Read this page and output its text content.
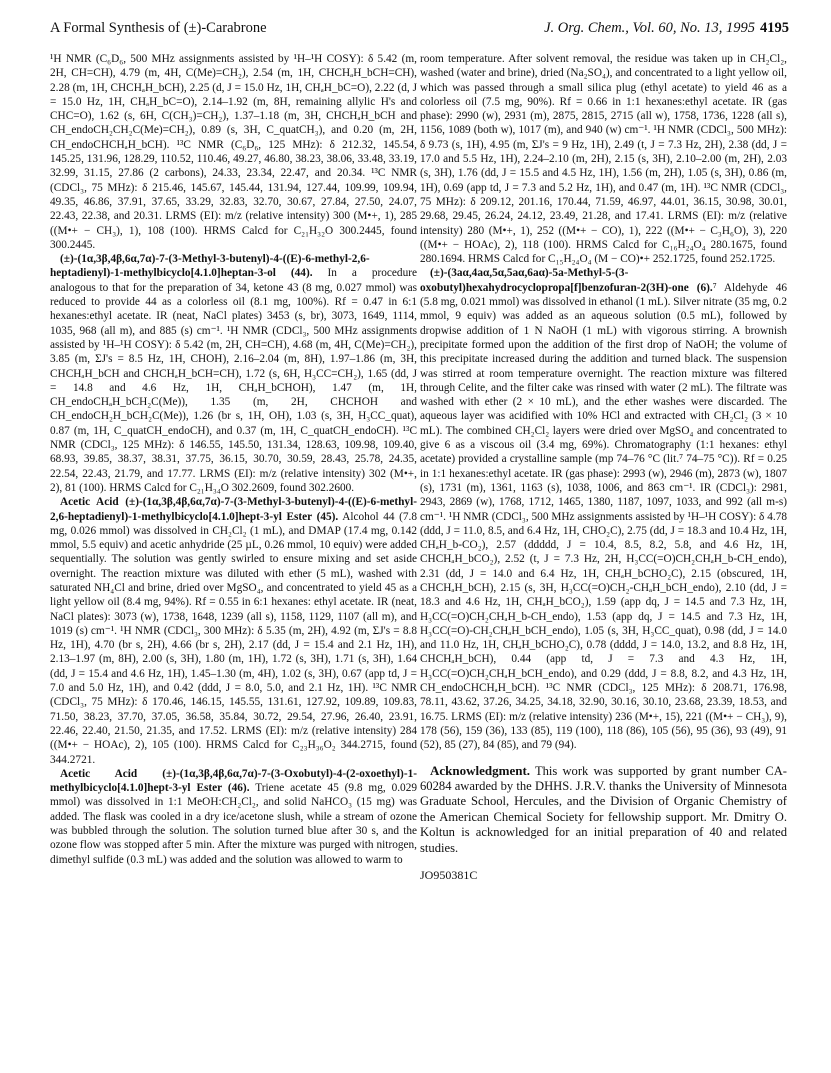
A Formal Synthesis of (±)-Carabrone	J. Org. Chem., Vol. 60, No. 13, 1995 4195

¹H NMR (C₆D₆, 500 MHz assignments assisted by ¹H–¹H COSY): δ 5.42 (m, 2H, CH=CH), 4.79 (m, 4H, C(Me)=CH₂), 2.54 (m, 1H, CHCHₐH_bCH=CH), 2.28 (m, 1H, CHCHₐH_bCH), 2.25 (d, J = 15.0 Hz, 1H, CHₐH_bC=O), 2.22 (d, J = 15.0 Hz, 1H, CHₐH_bC=O), 2.14–1.92 (m, 8H, remaining allylic H's and CHC=O), 1.62 (s, 6H, C(CH₃)=CH₂), 1.37–1.18 (m, 3H, CHCHₐH_bCH and CH_endoCH₂CH₂C(Me)=CH₂), 0.89 (s, 3H, C_quatCH₃), and 0.20 (m, 2H, CH_endoCHCHₐH_bCH). ¹³C NMR (C₆D₆, 125 MHz): δ 212.32, 145.54, 145.25, 131.96, 128.29, 110.52, 110.46, 49.27, 46.80, 38.23, 38.06, 33.48, 33.19, 32.99, 31.15, 27.86 (2 carbons), 24.33, 23.34, 22.47, and 20.34. ¹³C NMR (CDCl₃, 75 MHz): δ 215.46, 145.67, 145.44, 131.94, 127.44, 109.99, 109.94, 49.35, 46.86, 37.91, 37.65, 33.29, 32.83, 32.70, 30.67, 27.84, 27.50, 24.07, 22.43, 22.38, and 20.31. LRMS (EI): m/z (relative intensity) 300 (M•+, 1), 285 ((M•+ − CH₃), 1), 108 (100). HRMS Calcd for C₂₁H₃₂O 300.2445, found 300.2445.

(±)-(1α,3β,4β,6α,7α)-7-(3-Methyl-3-butenyl)-4-((E)-6-methyl-2,6-heptadienyl)-1-methylbicyclo[4.1.0]heptan-3-ol (44). In a procedure analogous to that for the preparation of 34, ketone 43 (8 mg, 0.027 mmol) was reduced to provide 44 as a colorless oil (8.1 mg, 100%). Rf = 0.47 in 6:1 hexanes:ethyl acetate. IR (neat, NaCl plates) 3453 (s, br), 3073, 1649, 1114, 1035, 968 (all m), and 885 (s) cm⁻¹. ¹H NMR (CDCl₃, 500 MHz assignments assisted by ¹H–¹H COSY): δ 5.42 (m, 2H, CH=CH), 4.68 (m, 4H, C(Me)=CH₂), 3.85 (m, ΣJ's = 8.5 Hz, 1H, CHOH), 2.16–2.04 (m, 8H), 1.97–1.86 (m, 3H, CHCHₐH_bCH and CHCHₐH_bCH=CH), 1.72 (s, 6H, H₃CC=CH₂), 1.65 (dd, J = 14.8 and 4.6 Hz, 1H, CHₐH_bCHOH), 1.47 (m, 1H, CH_endoCHₐH_bCH₂C(Me)), 1.35 (m, 2H, CHCHOH and CH_endoCH₂H_bCH₂C(Me)), 1.26 (br s, 1H, OH), 1.03 (s, 3H, H₃CC_quat), 0.87 (m, 1H, C_quatCH_endoCH), and 0.37 (m, 1H, C_quatCH_endoCH). ¹³C NMR (CDCl₃, 125 MHz): δ 146.55, 145.50, 131.34, 128.63, 109.98, 109.40, 68.93, 39.85, 38.37, 38.31, 37.75, 36.15, 30.70, 30.59, 28.43, 25.78, 24.35, 22.54, 22.43, 21.79, and 17.77. LRMS (EI): m/z (relative intensity) 302 (M•+, 2), 81 (100). HRMS Calcd for C₂₁H₃₄O 302.2609, found 302.2600.

Acetic Acid (±)-(1α,3β,4β,6α,7α)-7-(3-Methyl-3-butenyl)-4-((E)-6-methyl-2,6-heptadienyl)-1-methylbicyclo[4.1.0]hept-3-yl Ester (45). Alcohol 44 (7.8 mg, 0.026 mmol) was dissolved in CH₂Cl₂ (1 mL), and DMAP (17.4 mg, 0.142 mmol, 5.5 equiv) and acetic anhydride (25 µL, 0.26 mmol, 10 equiv) were added sequentially. The solution was gently swirled to ensure mixing and set aside overnight. The reaction mixture was diluted with ether (5 mL), washed with saturated NH₄Cl and brine, dried over MgSO₄, and concentrated to yield 45 as a light yellow oil (8.4 mg, 94%). Rf = 0.55 in 6:1 hexanes: ethyl acetate. IR (neat, NaCl plates): 3073 (w), 1738, 1648, 1239 (all s), 1158, 1129, 1107 (all m), and 1019 (s) cm⁻¹. ¹H NMR (CDCl₃, 300 MHz): δ 5.35 (m, 2H), 4.92 (m, ΣJ's = 8.8 Hz, 1H), 4.70 (br s, 2H), 4.66 (br s, 2H), 2.17 (dd, J = 15.4 and 2.1 Hz, 1H), 2.13–1.97 (m, 8H), 2.00 (s, 3H), 1.80 (m, 1H), 1.72 (s, 3H), 1.71 (s, 3H), 1.64 (dd, J = 15.4 and 4.6 Hz, 1H), 1.45–1.30 (m, 4H), 1.02 (s, 3H), 0.67 (app td, J = 7.0 and 5.0 Hz, 1H), and 0.42 (ddd, J = 8.0, 5.0, and 2.1 Hz, 1H). ¹³C NMR (CDCl₃, 75 MHz): δ 170.46, 146.15, 145.55, 131.61, 127.92, 109.89, 109.83, 71.50, 38.23, 37.70, 37.05, 36.58, 35.84, 30.72, 29.54, 27.96, 26.40, 23.91, 22.46, 22.40, 21.50, 21.35, and 17.52. LRMS (EI): m/z (relative intensity) 284 ((M•+ − HOAc), 2), 105 (100). HRMS Calcd for C₂₃H₃₆O₂ 344.2715, found 344.2721.

Acetic Acid (±)-(1α,3β,4β,6α,7α)-7-(3-Oxobutyl)-4-(2-oxoethyl)-1-methylbicyclo[4.1.0]hept-3-yl Ester (46). Triene acetate 45 (9.8 mg, 0.029 mmol) was dissolved in 1:1 MeOH:CH₂Cl₂, and solid NaHCO₃ (15 mg) was added. The flask was cooled in a dry ice/acetone slush, while a stream of ozone was bubbled through the solution. The solution turned blue after 30 s, and the ozone flow was stopped after 5 min. After the mixture was purged with nitrogen, dimethyl sulfide (0.3 mL) was added and the solution was allowed to warm to

room temperature. After solvent removal, the residue was taken up in CH₂Cl₂, washed (water and brine), dried (Na₂SO₄), and concentrated to a light yellow oil, which was passed through a small silica plug (ethyl acetate) to yield 46 as a colorless oil (7.5 mg, 90%). Rf = 0.66 in 1:1 hexanes:ethyl acetate. IR (gas phase): 2990 (w), 2931 (m), 2875, 2815, 2715 (all w), 1758, 1736, 1228 (all s), 1156, 1089 (both w), 1017 (m), and 940 (w) cm⁻¹. ¹H NMR (CDCl₃, 500 MHz): δ 9.73 (s, 1H), 4.95 (m, ΣJ's = 9 Hz, 1H), 2.49 (t, J = 7.3 Hz, 2H), 2.38 (dd, J = 17.0 and 5.5 Hz, 1H), 2.24–2.10 (m, 2H), 2.15 (s, 3H), 2.10–2.00 (m, 2H), 2.03 (s, 3H), 1.76 (dd, J = 15.5 and 4.5 Hz, 1H), 1.56 (m, 2H), 1.05 (s, 3H), 0.86 (m, 1H), 0.69 (app td, J = 7.3 and 5.2 Hz, 1H), and 0.47 (m, 1H). ¹³C NMR (CDCl₃, 75 MHz): δ 209.12, 201.16, 170.44, 71.59, 46.97, 44.01, 36.15, 30.98, 30.01, 29.68, 29.45, 26.24, 24.12, 23.49, 21.28, and 17.41. LRMS (EI): m/z (relative intensity) 280 (M•+, 1), 252 ((M•+ − CO), 1), 222 ((M•+ − C₃H₆O), 3), 220 ((M•+ − HOAc), 2), 118 (100). HRMS Calcd for C₁₆H₂₄O₄ 280.1675, found 280.1694. HRMS Calcd for C₁₅H₂₄O₄ (M − CO)•+ 252.1725, found 252.1725.

(±)-(3aα,4aα,5α,5aα,6aα)-5a-Methyl-5-(3-oxobutyl)hexahydrocyclopropa[f]benzofuran-2(3H)-one (6).⁷ Aldehyde 46 (5.8 mg, 0.021 mmol) was dissolved in ethanol (1 mL). Silver nitrate (35 mg, 0.2 mmol, 9 equiv) was added as an aqueous solution (0.5 mL), followed by dropwise addition of 1 N NaOH (1 mL) with vigorous stirring. A brownish precipitate formed upon the addition of the first drop of NaOH; the volume of this precipitate increased during the addition and turned black. The suspension was stirred at room temperature overnight. The reaction mixture was filtered through Celite, and the filter cake was rinsed with water (2 mL). The filtrate was washed with ether (2 × 10 mL), and the ether washes were discarded. The aqueous layer was acidified with 10% HCl and extracted with CH₂Cl₂ (3 × 10 mL). The combined CH₂Cl₂ layers were dried over MgSO₄ and concentrated to give 6 as a viscous oil (3.4 mg, 69%). Chromatography (1:1 hexanes: ethyl acetate) provided a crystalline sample (mp 74–76 °C (lit.⁷ 74–75 °C)). Rf = 0.25 in 1:1 hexanes:ethyl acetate. IR (gas phase): 2993 (w), 2946 (m), 2873 (w), 1807 (s), 1731 (m), 1361, 1163 (s), 1038, 1006, and 863 cm⁻¹. IR (CDCl₃): 2981, 2943, 2869 (w), 1768, 1712, 1465, 1380, 1187, 1097, 1033, and 992 (all m-s) cm⁻¹. ¹H NMR (CDCl₃, 500 MHz assignments assisted by ¹H–¹H COSY): δ 4.78 (ddd, J = 11.0, 8.5, and 6.4 Hz, 1H, CHO₂C), 2.75 (dd, J = 18.3 and 10.4 Hz, 1H, CHₐH_b-CO₂), 2.57 (ddddd, J = 10.4, 8.5, 8.2, 5.8, and 4.6 Hz, 1H, CHCHₐH_bCO₂), 2.52 (t, J = 7.3 Hz, 2H, H₃CC(=O)CH₂CHₐH_b-CH_endo), 2.31 (dd, J = 14.0 and 6.4 Hz, 1H, CHₐH_bCHO₂C), 2.15 (obscured, 1H, CHCHₐH_bCH), 2.15 (s, 3H, H₃CC(=O)CH₂-CHₐH_bCH_endo), 2.10 (dd, J = 18.3 and 4.6 Hz, 1H, CHₐH_bCO₂), 1.59 (app dq, J = 14.5 and 7.3 Hz, 1H, H₃CC(=O)CH₂CHₐH_b-CH_endo), 1.53 (app dq, J = 14.5 and 7.3 Hz, 1H, H₃CC(=O)-CH₂CHₐH_bCH_endo), 1.05 (s, 3H, H₃CC_quat), 0.98 (dd, J = 14.0 and 11.0 Hz, 1H, CHₐH_bCHO₂C), 0.78 (dddd, J = 14.0, 13.2, and 8.8 Hz, 1H, CHCHₐH_bCH), 0.44 (app td, J = 7.3 and 4.3 Hz, 1H, H₃CC(=O)CH₂CHₐH_bCH_endo), and 0.29 (ddd, J = 8.8, 8.2, and 4.3 Hz, 1H, CH_endoCHCHₐH_bCH). ¹³C NMR (CDCl₃, 125 MHz): δ 208.71, 176.98, 78.11, 43.62, 37.26, 34.25, 34.18, 32.90, 30.16, 30.10, 23.68, 23.39, 18.53, and 16.75. LRMS (EI): m/z (relative intensity) 236 (M•+, 15), 221 ((M•+ − CH₃), 9), 178 (56), 159 (36), 133 (85), 119 (100), 118 (86), 105 (56), 95 (36), 93 (49), 91 (52), 85 (27), 84 (85), and 79 (94).

Acknowledgment. This work was supported by grant number CA-60284 awarded by the DHHS. J.R.V. thanks the University of Minnesota Graduate School, Hercules, and the Division of Organic Chemistry of the American Chemical Society for fellowship support. Mr. Dmitry O. Koltun is acknowledged for an initial preparation of 40 and related studies.

JO950381C
